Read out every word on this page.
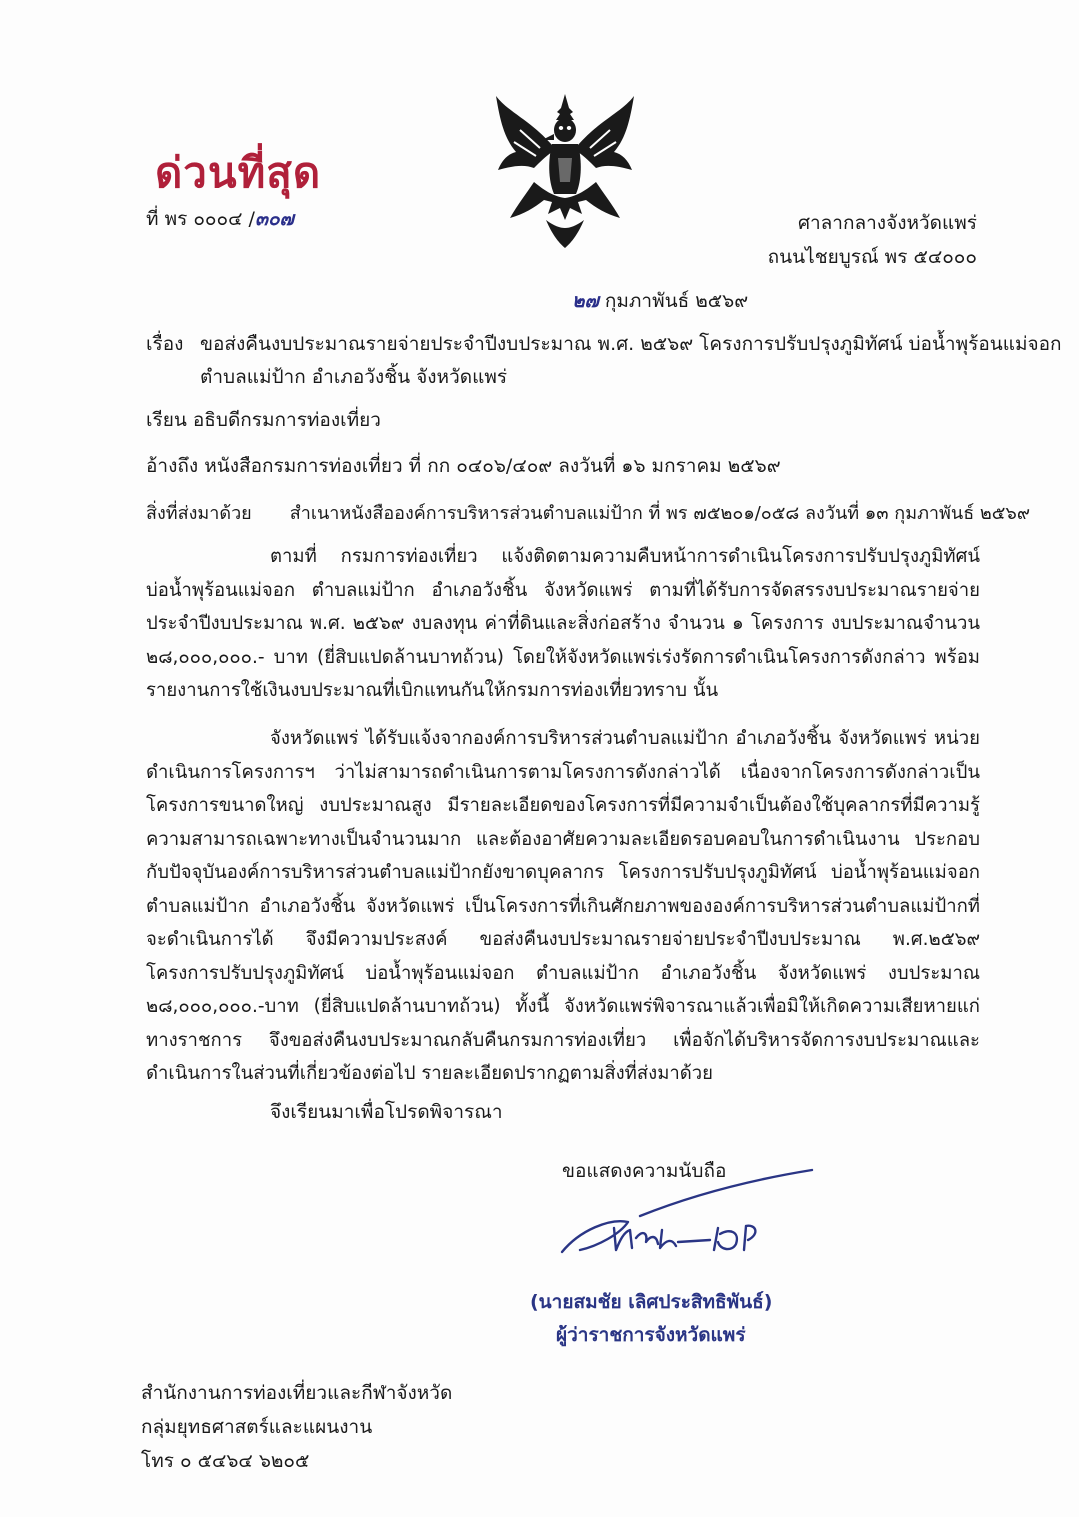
ด่วนที่สุด
ที่ พร ๐๐๐๔ /๓๐๗	ศาลากลางจังหวัดแพร่
ถนนไชยบูรณ์ พร ๕๔๐๐๐
๒๗ กุมภาพันธ์ ๒๕๖๙
เรื่อง ขอส่งคืนงบประมาณรายจ่ายประจำปีงบประมาณ พ.ศ. ๒๕๖๙ โครงการปรับปรุงภูมิทัศน์ บ่อน้ำพุร้อนแม่จอก
ตำบลแม่ป้าก อำเภอวังชิ้น จังหวัดแพร่
เรียน อธิบดีกรมการท่องเที่ยว
อ้างถึง หนังสือกรมการท่องเที่ยว ที่ กก ๐๔๐๖/๔๐๙ ลงวันที่ ๑๖ มกราคม ๒๕๖๙
สิ่งที่ส่งมาด้วย สำเนาหนังสือองค์การบริหารส่วนตำบลแม่ป้าก ที่ พร ๗๕๒๐๑/๐๕๘ ลงวันที่ ๑๓ กุมภาพันธ์ ๒๕๖๙

ตามที่ กรมการท่องเที่ยว แจ้งติดตามความคืบหน้าการดำเนินโครงการปรับปรุงภูมิทัศน์ บ่อน้ำพุร้อนแม่จอก ตำบลแม่ป้าก อำเภอวังชิ้น จังหวัดแพร่ ตามที่ได้รับการจัดสรรงบประมาณรายจ่ายประจำปีงบประมาณ พ.ศ. ๒๕๖๙ งบลงทุน ค่าที่ดินและสิ่งก่อสร้าง จำนวน ๑ โครงการ งบประมาณจำนวน ๒๘,๐๐๐,๐๐๐.- บาท (ยี่สิบแปดล้านบาทถ้วน) โดยให้จังหวัดแพร่เร่งรัดการดำเนินโครงการดังกล่าว พร้อมรายงานการใช้เงินงบประมาณที่เบิกแทนกันให้กรมการท่องเที่ยวทราบ นั้น

จังหวัดแพร่ ได้รับแจ้งจากองค์การบริหารส่วนตำบลแม่ป้าก อำเภอวังชิ้น จังหวัดแพร่ หน่วยดำเนินการโครงการฯ ว่าไม่สามารถดำเนินการตามโครงการดังกล่าวได้ เนื่องจากโครงการดังกล่าวเป็นโครงการขนาดใหญ่ งบประมาณสูง มีรายละเอียดของโครงการที่มีความจำเป็นต้องใช้บุคลากรที่มีความรู้ความสามารถเฉพาะทางเป็นจำนวนมาก และต้องอาศัยความละเอียดรอบคอบในการดำเนินงาน ประกอบกับปัจจุบันองค์การบริหารส่วนตำบลแม่ป้ากยังขาดบุคลากร โครงการปรับปรุงภูมิทัศน์ บ่อน้ำพุร้อนแม่จอก ตำบลแม่ป้าก อำเภอวังชิ้น จังหวัดแพร่ เป็นโครงการที่เกินศักยภาพขององค์การบริหารส่วนตำบลแม่ป้ากที่จะดำเนินการได้ จึงมีความประสงค์ ขอส่งคืนงบประมาณรายจ่ายประจำปีงบประมาณ พ.ศ.๒๕๖๙ โครงการปรับปรุงภูมิทัศน์ บ่อน้ำพุร้อนแม่จอก ตำบลแม่ป้าก อำเภอวังชิ้น จังหวัดแพร่ งบประมาณ ๒๘,๐๐๐,๐๐๐.-บาท (ยี่สิบแปดล้านบาทถ้วน) ทั้งนี้ จังหวัดแพร่พิจารณาแล้วเพื่อมิให้เกิดความเสียหายแก่ทางราชการ จึงขอส่งคืนงบประมาณกลับคืนกรมการท่องเที่ยว เพื่อจักได้บริหารจัดการงบประมาณและดำเนินการในส่วนที่เกี่ยวข้องต่อไป รายละเอียดปรากฏตามสิ่งที่ส่งมาด้วย

จึงเรียนมาเพื่อโปรดพิจารณา
ขอแสดงความนับถือ
(นายสมชัย เลิศประสิทธิพันธ์)
ผู้ว่าราชการจังหวัดแพร่
สำนักงานการท่องเที่ยวและกีฬาจังหวัด
กลุ่มยุทธศาสตร์และแผนงาน
โทร ๐ ๕๔๖๔ ๖๒๐๕
